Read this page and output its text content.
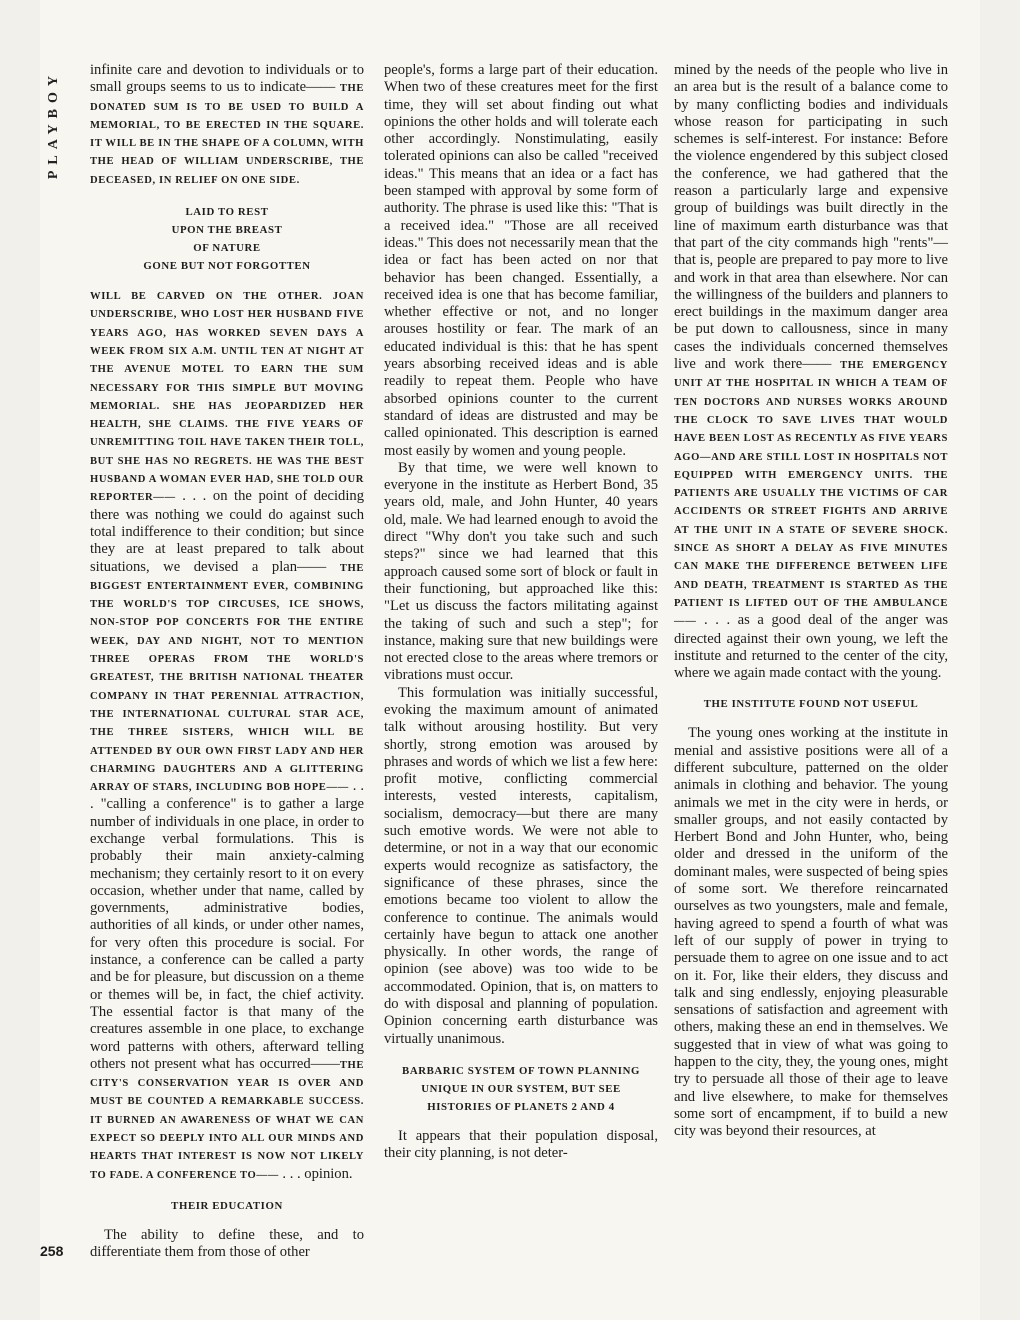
PLAYBOY
258

infinite care and devotion to individuals or to small groups seems to us to indicate—— THE DONATED SUM IS TO BE USED TO BUILD A MEMORIAL, TO BE ERECTED IN THE SQUARE. IT WILL BE IN THE SHAPE OF A COLUMN, WITH THE HEAD OF WILLIAM UNDERSCRIBE, THE DECEASED, IN RELIEF ON ONE SIDE.

LAID TO REST
UPON THE BREAST
OF NATURE
GONE BUT NOT FORGOTTEN

WILL BE CARVED ON THE OTHER. JOAN UNDERSCRIBE, WHO LOST HER HUSBAND FIVE YEARS AGO, HAS WORKED SEVEN DAYS A WEEK FROM SIX A.M. UNTIL TEN AT NIGHT AT THE AVENUE MOTEL TO EARN THE SUM NECESSARY FOR THIS SIMPLE BUT MOVING MEMORIAL. SHE HAS JEOPARDIZED HER HEALTH, SHE CLAIMS. THE FIVE YEARS OF UNREMITTING TOIL HAVE TAKEN THEIR TOLL, BUT SHE HAS NO REGRETS. HE WAS THE BEST HUSBAND A WOMAN EVER HAD, SHE TOLD OUR REPORTER—— . . . on the point of deciding there was nothing we could do against such total indifference to their condition; but since they are at least prepared to talk about situations, we devised a plan—— THE BIGGEST ENTERTAINMENT EVER, COMBINING THE WORLD'S TOP CIRCUSES, ICE SHOWS, NON-STOP POP CONCERTS FOR THE ENTIRE WEEK, DAY AND NIGHT, NOT TO MENTION THREE OPERAS FROM THE WORLD'S GREATEST, THE BRITISH NATIONAL THEATER COMPANY IN THAT PERENNIAL ATTRACTION, THE INTERNATIONAL CULTURAL STAR ACE, THE THREE SISTERS, WHICH WILL BE ATTENDED BY OUR OWN FIRST LADY AND HER CHARMING DAUGHTERS AND A GLITTERING ARRAY OF STARS, INCLUDING BOB HOPE—— . . . "calling a conference" is to gather a large number of individuals in one place, in order to exchange verbal formulations. This is probably their main anxiety-calming mechanism; they certainly resort to it on every occasion, whether under that name, called by governments, administrative bodies, authorities of all kinds, or under other names, for very often this procedure is social. For instance, a conference can be called a party and be for pleasure, but discussion on a theme or themes will be, in fact, the chief activity. The essential factor is that many of the creatures assemble in one place, to exchange word patterns with others, afterward telling others not present what has occurred——THE CITY'S CONSERVATION YEAR IS OVER AND MUST BE COUNTED A REMARKABLE SUCCESS. IT BURNED AN AWARENESS OF WHAT WE CAN EXPECT SO DEEPLY INTO ALL OUR MINDS AND HEARTS THAT INTEREST IS NOW NOT LIKELY TO FADE. A CONFERENCE TO—— . . . opinion.

THEIR EDUCATION

The ability to define these, and to differentiate them from those of other

people's, forms a large part of their education. When two of these creatures meet for the first time, they will set about finding out what opinions the other holds and will tolerate each other accordingly. Nonstimulating, easily tolerated opinions can also be called "received ideas." This means that an idea or a fact has been stamped with approval by some form of authority. The phrase is used like this: "That is a received idea." "Those are all received ideas." This does not necessarily mean that the idea or fact has been acted on nor that behavior has been changed. Essentially, a received idea is one that has become familiar, whether effective or not, and no longer arouses hostility or fear. The mark of an educated individual is this: that he has spent years absorbing received ideas and is able readily to repeat them. People who have absorbed opinions counter to the current standard of ideas are distrusted and may be called opinionated. This description is earned most easily by women and young people.

By that time, we were well known to everyone in the institute as Herbert Bond, 35 years old, male, and John Hunter, 40 years old, male. We had learned enough to avoid the direct "Why don't you take such and such steps?" since we had learned that this approach caused some sort of block or fault in their functioning, but approached like this: "Let us discuss the factors militating against the taking of such and such a step"; for instance, making sure that new buildings were not erected close to the areas where tremors or vibrations must occur.

This formulation was initially successful, evoking the maximum amount of animated talk without arousing hostility. But very shortly, strong emotion was aroused by phrases and words of which we list a few here: profit motive, conflicting commercial interests, vested interests, capitalism, socialism, democracy—but there are many such emotive words. We were not able to determine, or not in a way that our economic experts would recognize as satisfactory, the significance of these phrases, since the emotions became too violent to allow the conference to continue. The animals would certainly have begun to attack one another physically. In other words, the range of opinion (see above) was too wide to be accommodated. Opinion, that is, on matters to do with disposal and planning of population. Opinion concerning earth disturbance was virtually unanimous.

BARBARIC SYSTEM OF TOWN PLANNING
UNIQUE IN OUR SYSTEM, BUT SEE
HISTORIES OF PLANETS 2 AND 4

It appears that their population disposal, their city planning, is not deter-

mined by the needs of the people who live in an area but is the result of a balance come to by many conflicting bodies and individuals whose reason for participating in such schemes is self-interest. For instance: Before the violence engendered by this subject closed the conference, we had gathered that the reason a particularly large and expensive group of buildings was built directly in the line of maximum earth disturbance was that that part of the city commands high "rents"—that is, people are prepared to pay more to live and work in that area than elsewhere. Nor can the willingness of the builders and planners to erect buildings in the maximum danger area be put down to callousness, since in many cases the individuals concerned themselves live and work there—— THE EMERGENCY UNIT AT THE HOSPITAL IN WHICH A TEAM OF TEN DOCTORS AND NURSES WORKS AROUND THE CLOCK TO SAVE LIVES THAT WOULD HAVE BEEN LOST AS RECENTLY AS FIVE YEARS AGO—AND ARE STILL LOST IN HOSPITALS NOT EQUIPPED WITH EMERGENCY UNITS. THE PATIENTS ARE USUALLY THE VICTIMS OF CAR ACCIDENTS OR STREET FIGHTS AND ARRIVE AT THE UNIT IN A STATE OF SEVERE SHOCK. SINCE AS SHORT A DELAY AS FIVE MINUTES CAN MAKE THE DIFFERENCE BETWEEN LIFE AND DEATH, TREATMENT IS STARTED AS THE PATIENT IS LIFTED OUT OF THE AMBULANCE—— . . . as a good deal of the anger was directed against their own young, we left the institute and returned to the center of the city, where we again made contact with the young.

THE INSTITUTE FOUND NOT USEFUL

The young ones working at the institute in menial and assistive positions were all of a different subculture, patterned on the older animals in clothing and behavior. The young animals we met in the city were in herds, or smaller groups, and not easily contacted by Herbert Bond and John Hunter, who, being older and dressed in the uniform of the dominant males, were suspected of being spies of some sort. We therefore reincarnated ourselves as two youngsters, male and female, having agreed to spend a fourth of what was left of our supply of power in trying to persuade them to agree on one issue and to act on it. For, like their elders, they discuss and talk and sing endlessly, enjoying pleasurable sensations of satisfaction and agreement with others, making these an end in themselves. We suggested that in view of what was going to happen to the city, they, the young ones, might try to persuade all those of their age to leave and live elsewhere, to make for themselves some sort of encampment, if to build a new city was beyond their resources, at
